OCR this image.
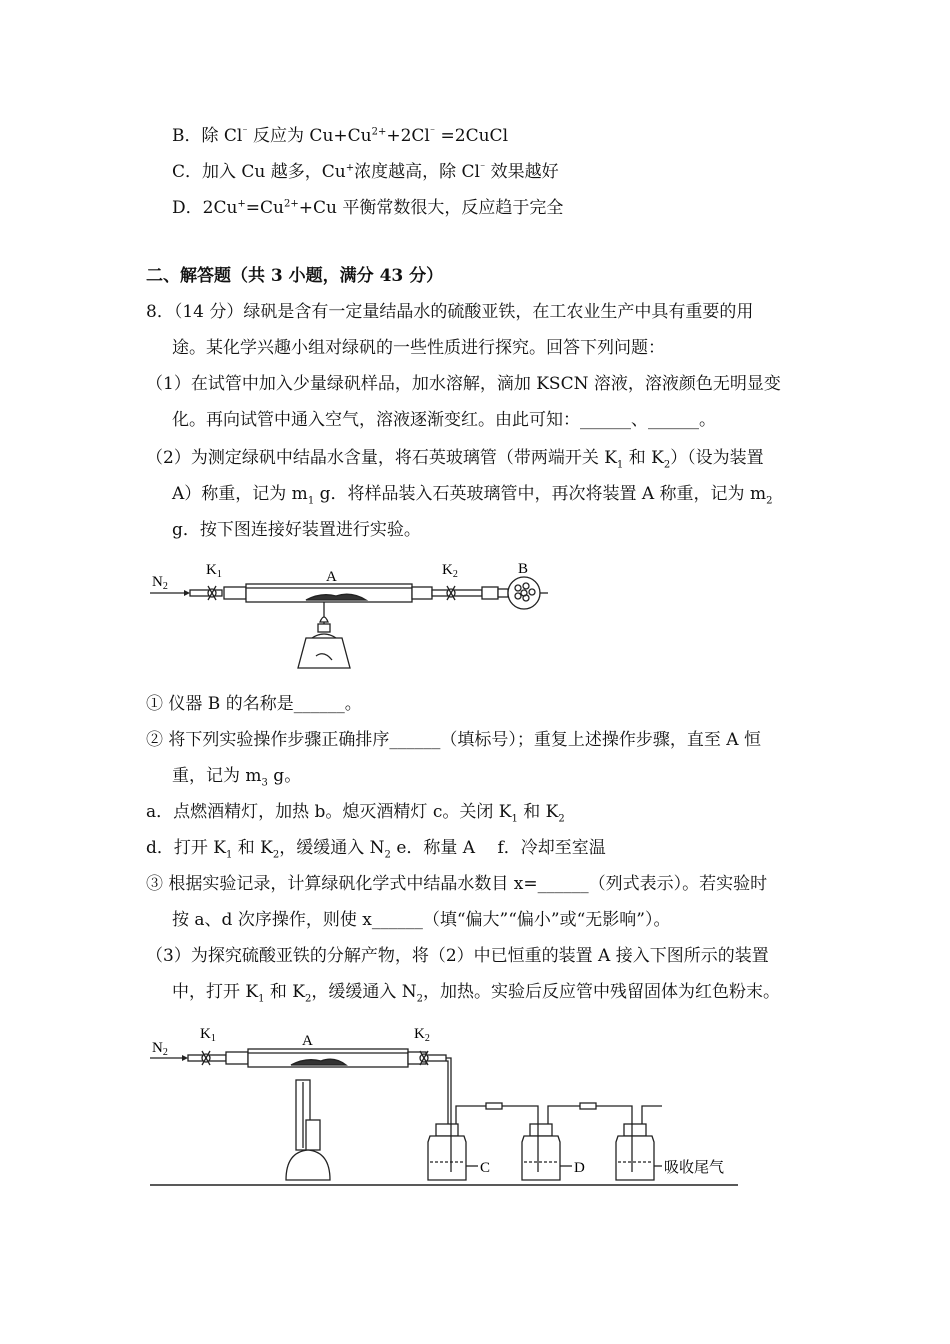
B．除 Cl⁻ 反应为 $Cu+Cu^{2+}+2Cl^{^-}$ =2CuCl
C．加入 Cu 越多，Cu+浓度越高，除 Cl⁻ 效果越好
D．$2Cu^+=Cu^{2+}+Cu$ 平衡常数很大，反应趋于完全
二、解答题（共 3 小题，满分 43 分）
8．（14 分）绿矾是含有一定量结晶水的硫酸亚铁，在工农业生产中具有重要的用
途。某化学兴趣小组对绿矾的一些性质进行探究。回答下列问题：
（1）在试管中加入少量绿矾样品，加水溶解，滴加 KSCN 溶液，溶液颜色无明显变
化。再向试管中通入空气，溶液逐渐变红。由此可知：______、______。
（2）为测定绿矾中结晶水含量，将石英玻璃管（带两端开关 $K_1$ 和 $K_2$）（设为装置
A）称重，记为 $m_1$ g．将样品装入石英玻璃管中，再次将装置 A 称重，记为 $m_2$
g．按下图连接好装置进行实验。
$N_2$
$K_1$	A	$K_2$	B
① 仪器 B 的名称是______。
② 将下列实验操作步骤正确排序______（填标号）；重复上述操作步骤，直至 A 恒
重，记为 $m_3$ g。
a．点燃酒精灯，加热 b。熄灭酒精灯 c。关闭 $K_1$ 和 $K_2$
d．打开 $K_1$ 和 $K_2$，缓缓通入 $N_2$ e．称量 A　 f．冷却至室温
③ 根据实验记录，计算绿矾化学式中结晶水数目 x=______（列式表示）。若实验时
按 a、d 次序操作，则使 x______（填“偏大”“偏小”或“无影响”）。
（3）为探究硫酸亚铁的分解产物，将（2）中已恒重的装置 A 接入下图所示的装置
中，打开 $K_1$ 和 $K_2$，缓缓通入 $N_2$，加热。实验后反应管中残留固体为红色粉末。
$N_2$
$K_1$	A	$K_2$
C	D	吸收尾气
